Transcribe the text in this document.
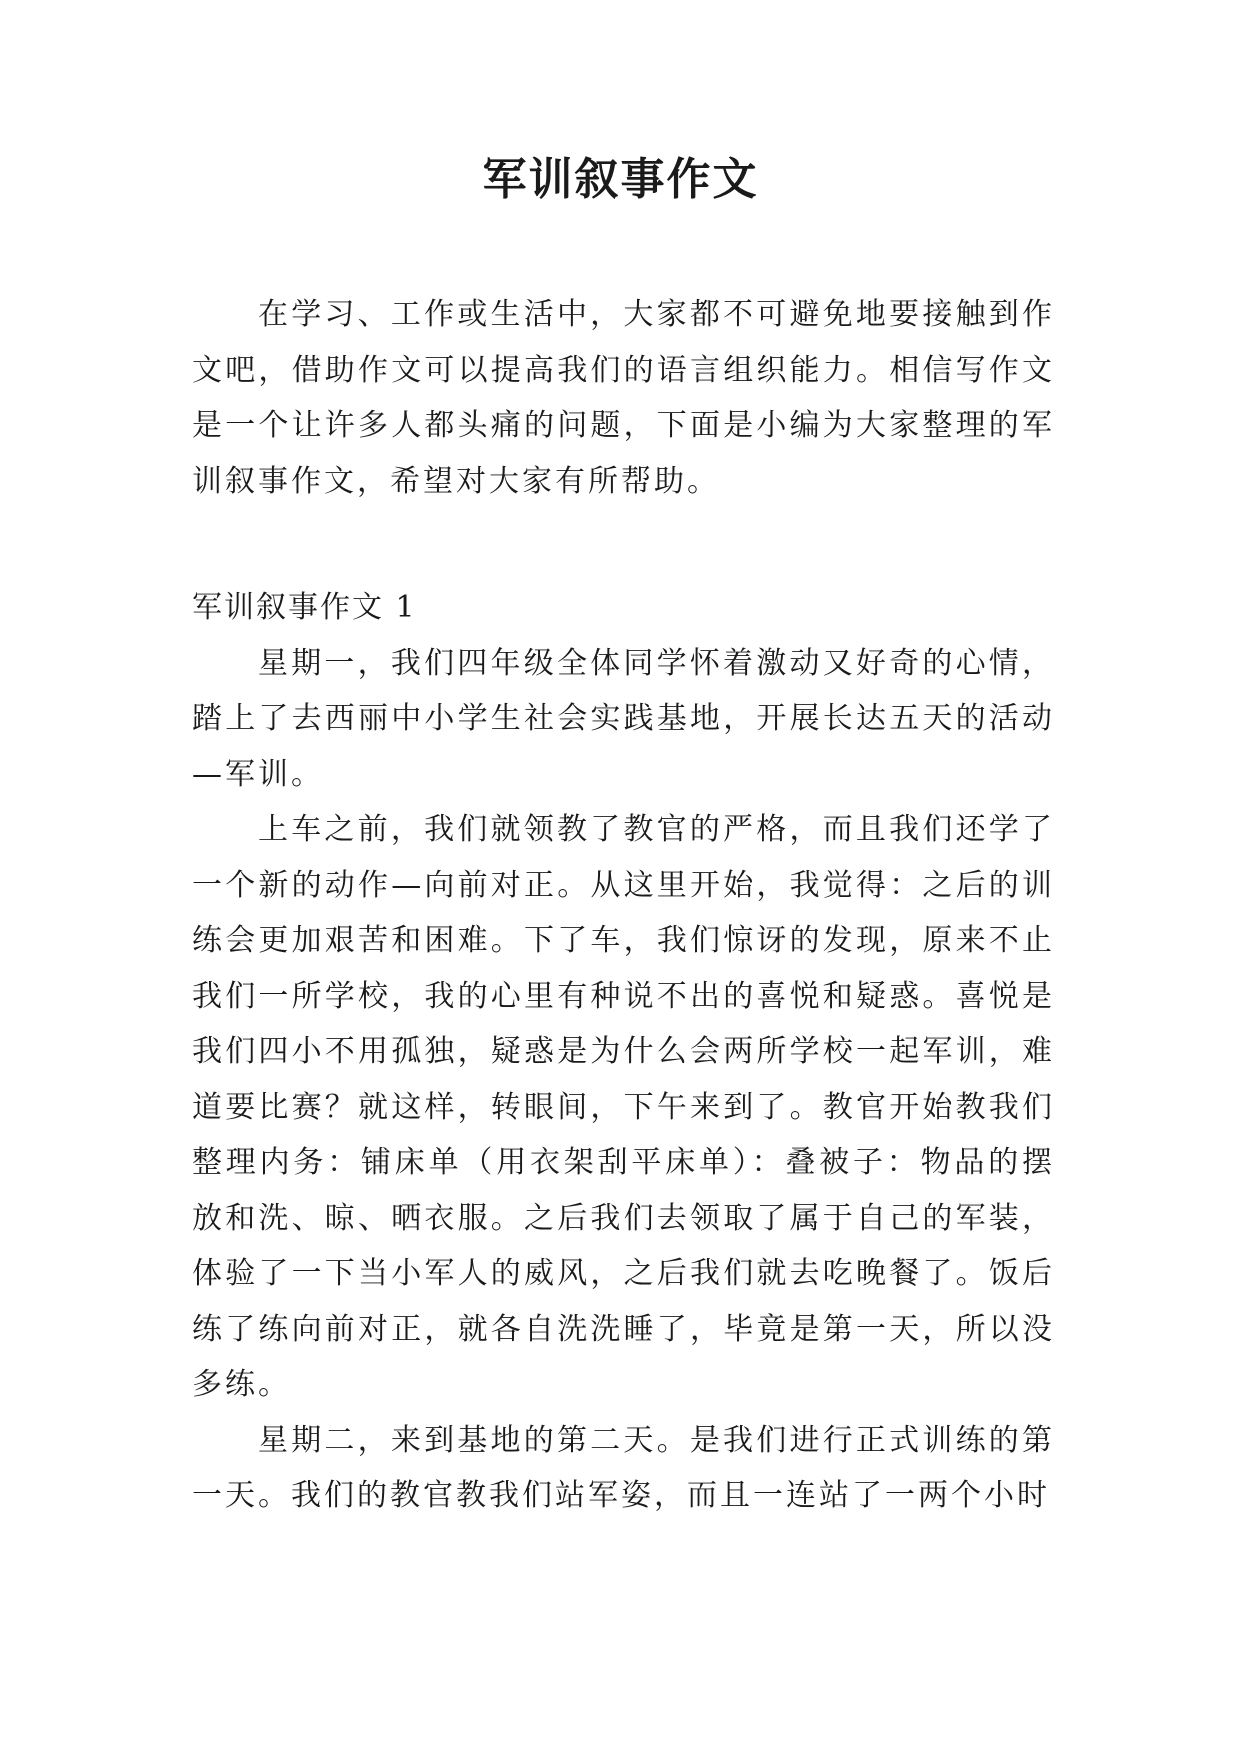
军训叙事作文

在学习、工作或生活中，大家都不可避免地要接触到作文吧，借助作文可以提高我们的语言组织能力。相信写作文是一个让许多人都头痛的问题，下面是小编为大家整理的军训叙事作文，希望对大家有所帮助。

军训叙事作文 1

星期一，我们四年级全体同学怀着激动又好奇的心情，踏上了去西丽中小学生社会实践基地，开展长达五天的活动—军训。

上车之前，我们就领教了教官的严格，而且我们还学了一个新的动作—向前对正。从这里开始，我觉得：之后的训练会更加艰苦和困难。下了车，我们惊讶的发现，原来不止我们一所学校，我的心里有种说不出的喜悦和疑惑。喜悦是我们四小不用孤独，疑惑是为什么会两所学校一起军训，难道要比赛？就这样，转眼间，下午来到了。教官开始教我们整理内务：铺床单（用衣架刮平床单）：叠被子：物品的摆放和洗、晾、晒衣服。之后我们去领取了属于自己的军装，体验了一下当小军人的威风，之后我们就去吃晚餐了。饭后练了练向前对正，就各自洗洗睡了，毕竟是第一天，所以没多练。

星期二，来到基地的第二天。是我们进行正式训练的第一天。我们的教官教我们站军姿，而且一连站了一两个小时
